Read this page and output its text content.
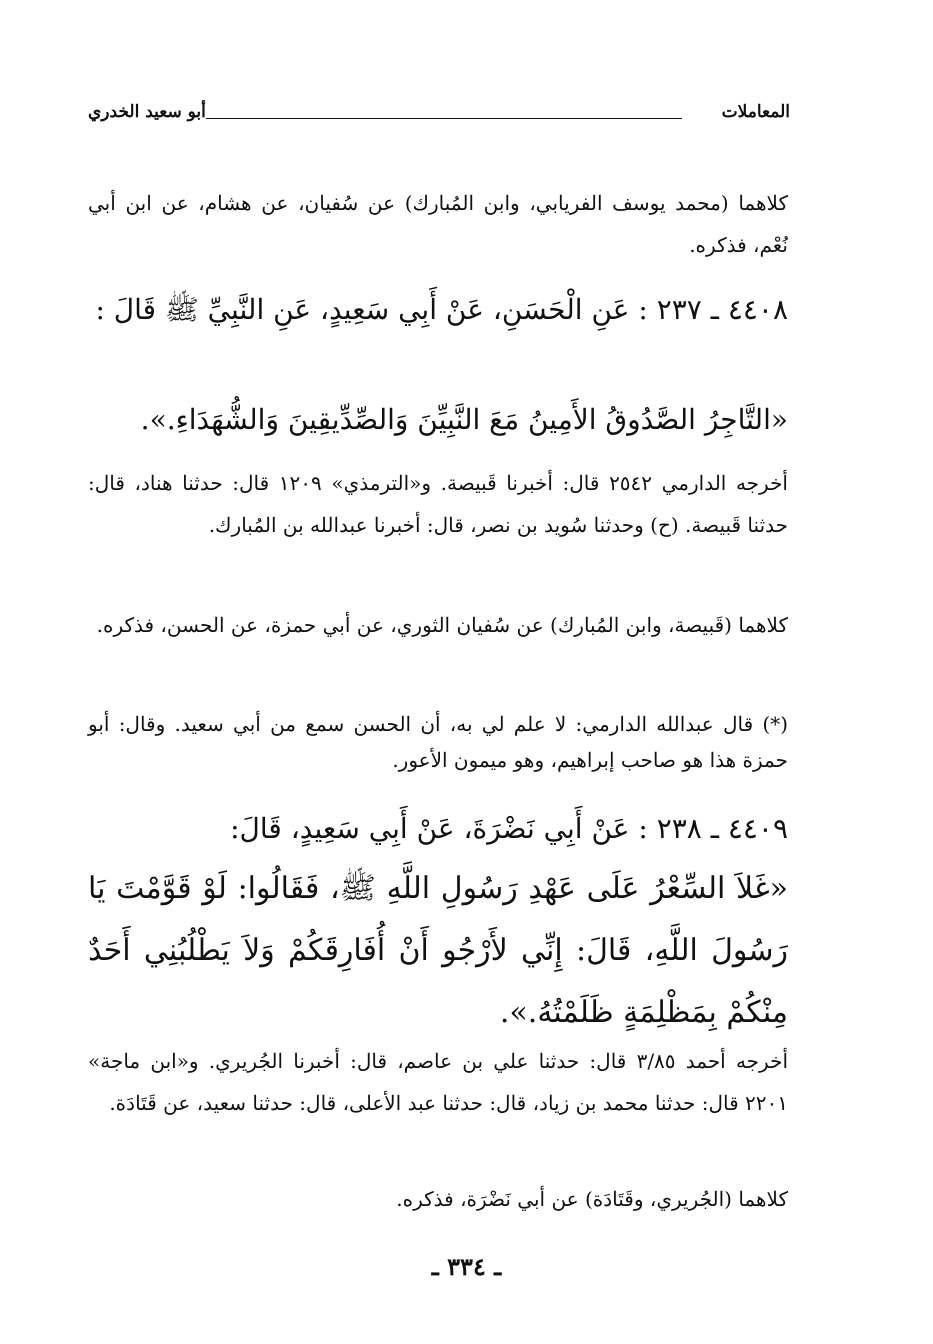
المعاملات
أبو سعيد الخدري
كلاهما (محمد يوسف الفريابي، وابن المُبارك) عن سُفيان، عن هشام، عن ابن أبي نُعْم، فذكره.
٤٤٠٨ ـ ٢٣٧ : عَنِ الْحَسَنِ، عَنْ أَبِي سَعِيدٍ، عَنِ النَّبِيِّ ﷺ قَالَ :
«التَّاجِرُ الصَّدُوقُ الأَمِينُ مَعَ النَّبِيِّنَ وَالصِّدِّيقِينَ وَالشُّهَدَاءِ.».
أخرجه الدارمي ٢٥٤٢ قال: أخبرنا قَبيصة. و«الترمذي» ١٢٠٩ قال: حدثنا هناد، قال: حدثنا قَبيصة. (ح) وحدثنا سُويد بن نصر، قال: أخبرنا عبدالله بن المُبارك.
كلاهما (قَبيصة، وابن المُبارك) عن سُفيان الثوري، عن أبي حمزة، عن الحسن، فذكره.
(*) قال عبدالله الدارمي: لا علم لي به، أن الحسن سمع من أبي سعيد. وقال: أبو حمزة هذا هو صاحب إبراهيم، وهو ميمون الأعور.
٤٤٠٩ ـ ٢٣٨ : عَنْ أَبِي نَضْرَةَ، عَنْ أَبِي سَعِيدٍ، قَالَ:
«غَلاَ السِّعْرُ عَلَى عَهْدِ رَسُولِ اللَّهِ ﷺ، فَقَالُوا: لَوْ قَوَّمْتَ يَا رَسُولَ اللَّهِ، قَالَ: إِنِّي لأَرْجُو أَنْ أُفَارِقَكُمْ وَلاَ يَطْلُبُنِي أَحَدٌ مِنْكُمْ بِمَظْلِمَةٍ ظَلَمْتُهُ.».
أخرجه أحمد ٣/٨٥ قال: حدثنا علي بن عاصم، قال: أخبرنا الجُريري. و«ابن ماجة» ٢٢٠١ قال: حدثنا محمد بن زياد، قال: حدثنا عبد الأعلى، قال: حدثنا سعيد، عن قَتَادَة.
كلاهما (الجُريري، وقَتَادَة) عن أبي نَضْرَة، فذكره.
ـ ٣٣٤ ـ
